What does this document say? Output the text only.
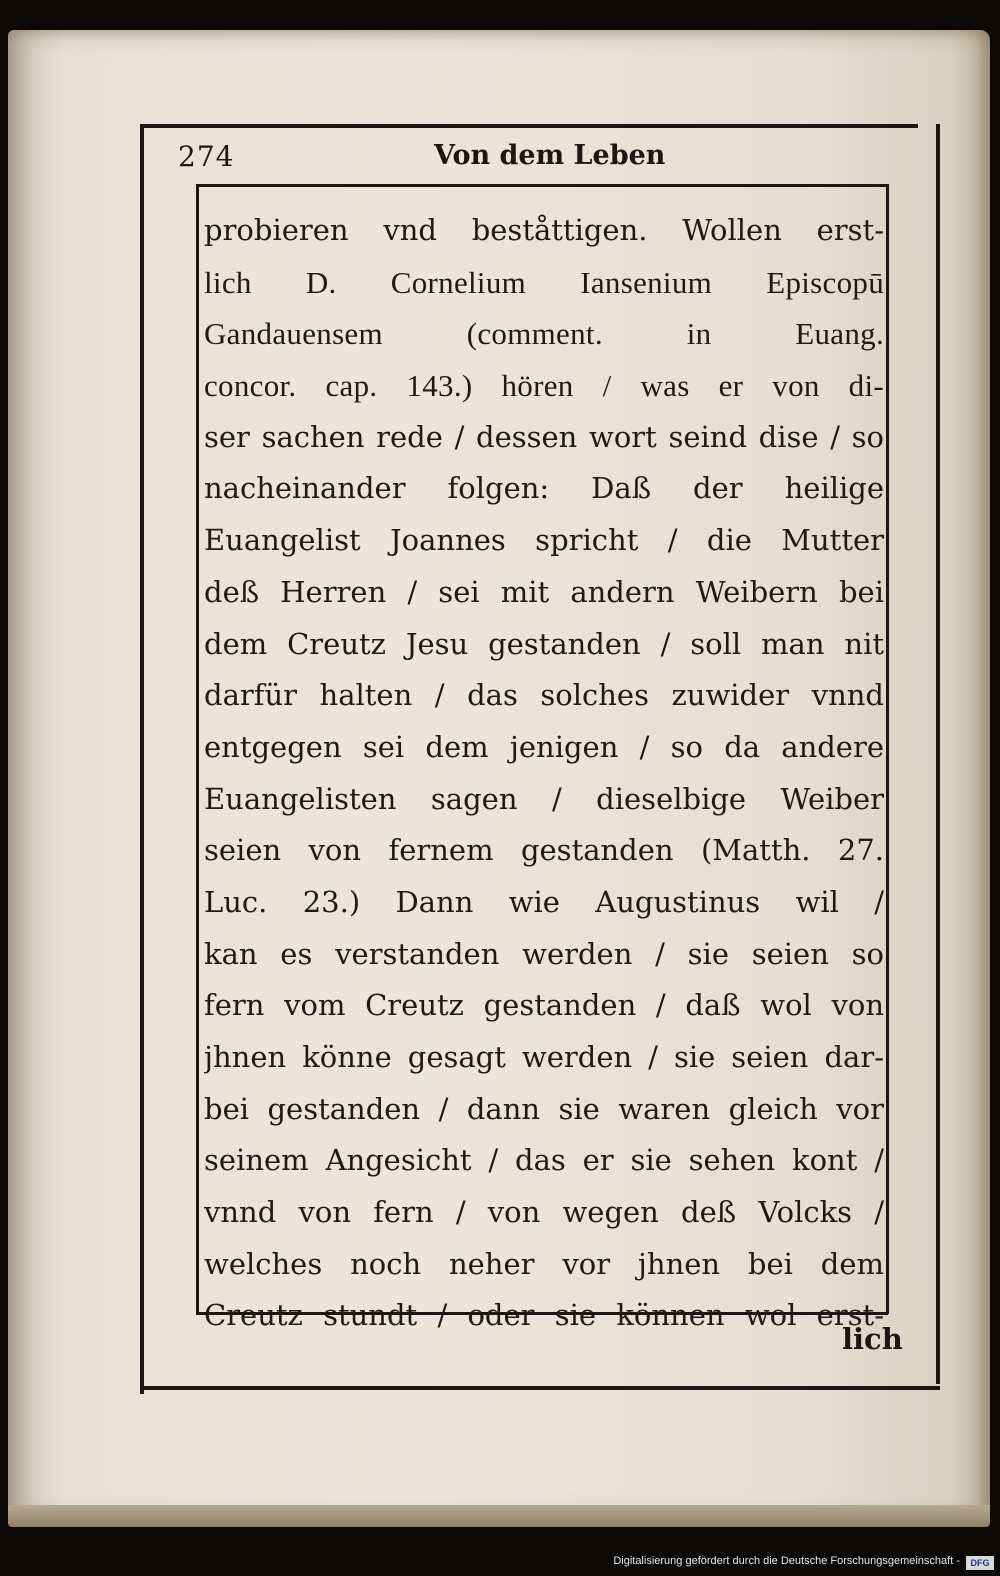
274	Von dem Leben
probieren vnd beståttigen. Wollen erst-
lich D. Cornelium Iansenium Episcopū
Gandauensem (comment. in Euang.
concor. cap. 143.) hören / was er von di-
ser sachen rede / dessen wort seind dise / so
nacheinander folgen: Daß der heilige
Euangelist Joannes spricht / die Mutter
deß Herren / sei mit andern Weibern bei
dem Creutz Jesu gestanden / soll man nit
darfür halten / das solches zuwider vnnd
entgegen sei dem jenigen / so da andere
Euangelisten sagen / dieselbige Weiber
seien von fernem gestanden (Matth. 27.
Luc. 23.) Dann wie Augustinus wil /
kan es verstanden werden / sie seien so
fern vom Creutz gestanden / daß wol von
jhnen könne gesagt werden / sie seien dar-
bei gestanden / dann sie waren gleich vor
seinem Angesicht / das er sie sehen kont /
vnnd von fern / von wegen deß Volcks /
welches noch neher vor jhnen bei dem
Creutz stundt / oder sie können wol erst-
lich
Digitalisierung gefördert durch die Deutsche Forschungsgemeinschaft -	DFG
